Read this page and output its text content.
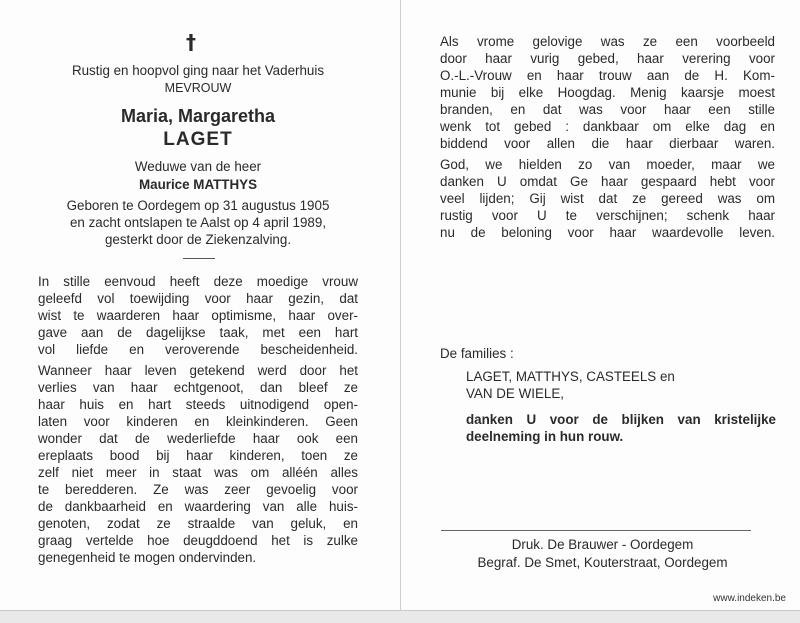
†
Rustig en hoopvol ging naar het Vaderhuis
MEVROUW
Maria, Margaretha
LAGET
Weduwe van de heer
Maurice MATTHYS
Geboren te Oordegem op 31 augustus 1905
en zacht ontslapen te Aalst op 4 april 1989,
gesterkt door de Ziekenzalving.
In stille eenvoud heeft deze moedige vrouw
geleefd vol toewijding voor haar gezin, dat
wist te waarderen haar optimisme, haar over-
gave aan de dagelijkse taak, met een hart
vol liefde en veroverende bescheidenheid.
Wanneer haar leven getekend werd door het
verlies van haar echtgenoot, dan bleef ze
haar huis en hart steeds uitnodigend open-
laten voor kinderen en kleinkinderen. Geen
wonder dat de wederliefde haar ook een
ereplaats bood bij haar kinderen, toen ze
zelf niet meer in staat was om alléén alles
te beredderen. Ze was zeer gevoelig voor
de dankbaarheid en waardering van alle huis-
genoten, zodat ze straalde van geluk, en
graag vertelde hoe deugddoend het is zulke
genegenheid te mogen ondervinden.
Als vrome gelovige was ze een voorbeeld
door haar vurig gebed, haar verering voor
O.-L.-Vrouw en haar trouw aan de H. Kom-
munie bij elke Hoogdag. Menig kaarsje moest
branden, en dat was voor haar een stille
wenk tot gebed : dankbaar om elke dag en
biddend voor allen die haar dierbaar waren.
God, we hielden zo van moeder, maar we
danken U omdat Ge haar gespaard hebt voor
veel lijden; Gij wist dat ze gereed was om
rustig voor U te verschijnen; schenk haar
nu de beloning voor haar waardevolle leven.
De families :
LAGET, MATTHYS, CASTEELS en
VAN DE WIELE,
danken U voor de blijken van kristelijke
deelneming in hun rouw.
Druk. De Brauwer - Oordegem
Begraf. De Smet, Kouterstraat, Oordegem
www.indeken.be
